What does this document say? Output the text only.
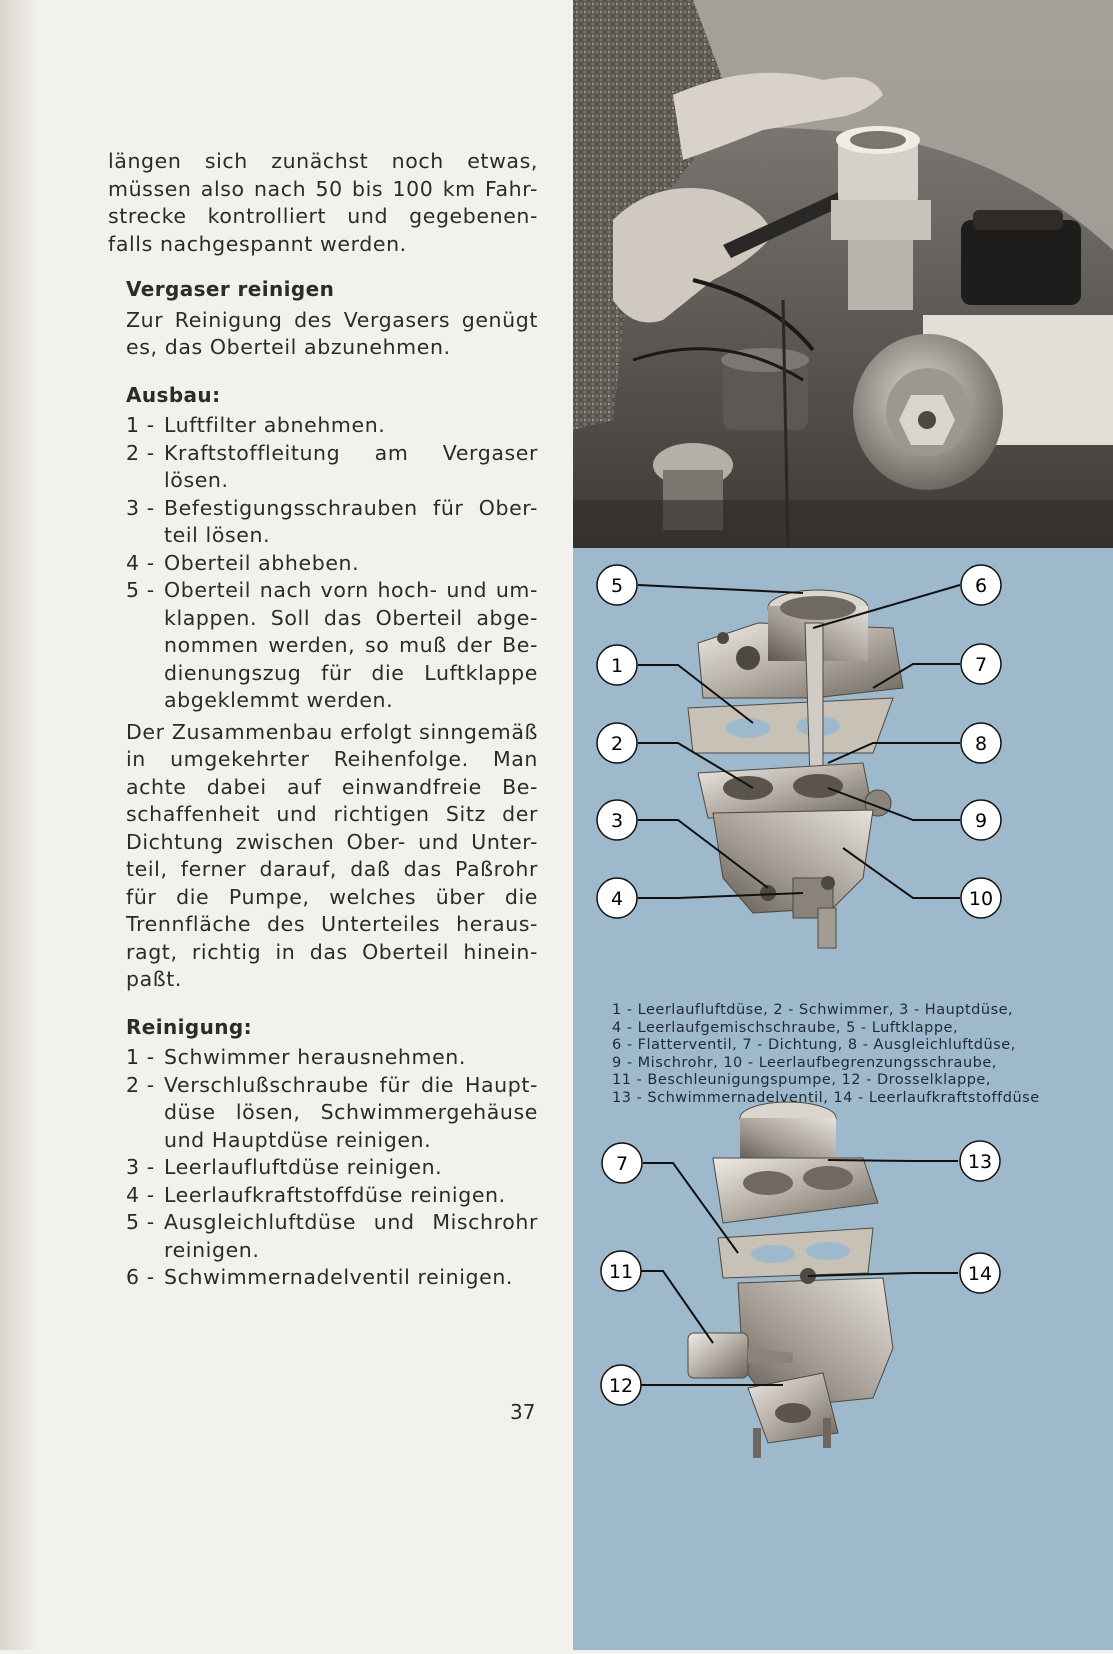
längen sich zunächst noch etwas,

müssen also nach 50 bis 100 km Fahr-

strecke kontrolliert und gegebenen-

falls nachgespannt werden.

Vergaser reinigen

Zur Reinigung des Vergasers genügt

es, das Oberteil abzunehmen.

Ausbau:

1 - Luftfilter abnehmen.
2 - Kraftstoffleitung am Vergaser
lösen.
3 - Befestigungsschrauben für Ober-
teil lösen.
4 - Oberteil abheben.
5 - Oberteil nach vorn hoch- und um-
klappen. Soll das Oberteil abge-
nommen werden, so muß der Be-
dienungszug für die Luftklappe
abgeklemmt werden.

Der Zusammenbau erfolgt sinngemäß

in umgekehrter Reihenfolge. Man

achte dabei auf einwandfreie Be-

schaffenheit und richtigen Sitz der

Dichtung zwischen Ober- und Unter-

teil, ferner darauf, daß das Paßrohr

für die Pumpe, welches über die

Trennfläche des Unterteiles heraus-

ragt, richtig in das Oberteil hinein-

paßt.

Reinigung:

1 - Schwimmer herausnehmen.
2 - Verschlußschraube für die Haupt-
düse lösen, Schwimmergehäuse
und Hauptdüse reinigen.
3 - Leerlaufluftdüse reinigen.
4 - Leerlaufkraftstoffdüse reinigen.
5 - Ausgleichluftdüse und Mischrohr
reinigen.
6 - Schwimmernadelventil reinigen.
37
5	6
1	7
2	8
3	9
4	10
7	13
11	14
12
1 - Leerlaufluftdüse, 2 - Schwimmer, 3 - Hauptdüse,
4 - Leerlaufgemischschraube, 5 - Luftklappe,
6 - Flatterventil, 7 - Dichtung, 8 - Ausgleichluftdüse,
9 - Mischrohr, 10 - Leerlaufbegrenzungsschraube,
11 - Beschleunigungspumpe, 12 - Drosselklappe,
13 - Schwimmernadelventil, 14 - Leerlaufkraftstoffdüse
